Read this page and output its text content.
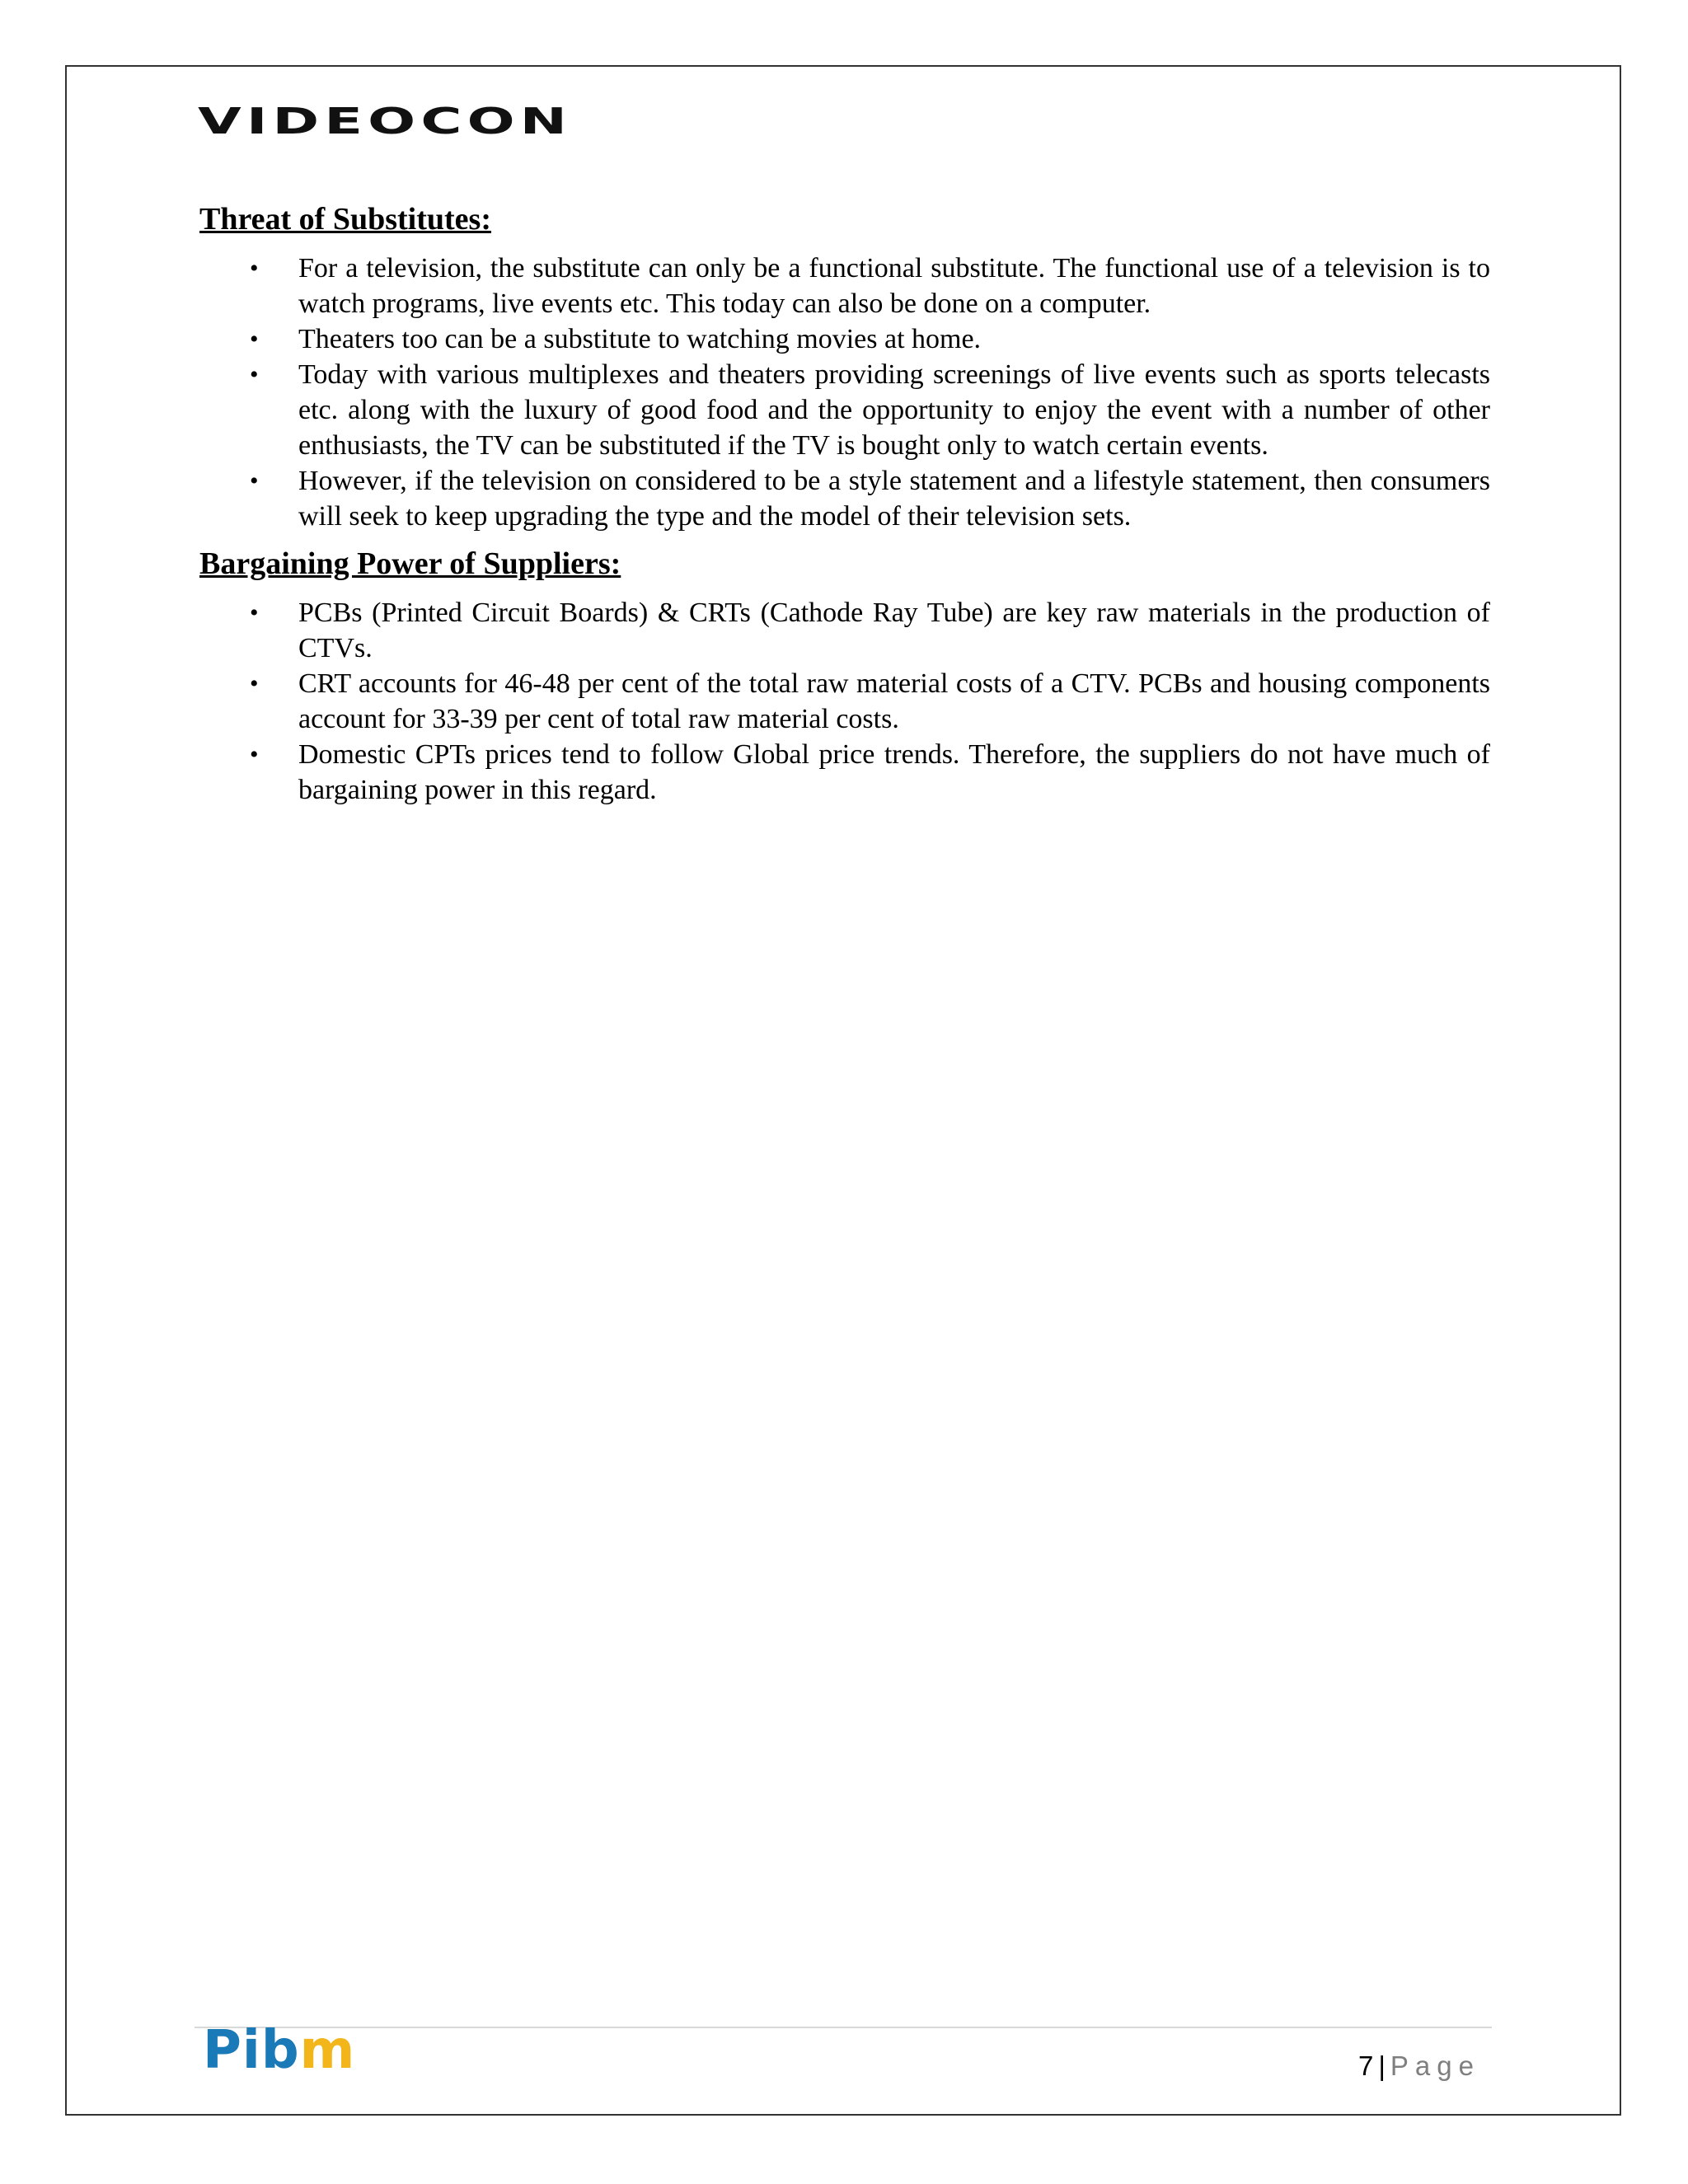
VIDEOCON
Threat of Substitutes:
• For a television, the substitute can only be a functional substitute. The functional use of a television is to watch programs, live events etc. This today can also be done on a computer.
• Theaters too can be a substitute to watching movies at home.
• Today with various multiplexes and theaters providing screenings of live events such as sports telecasts etc. along with the luxury of good food and the opportunity to enjoy the event with a number of other enthusiasts, the TV can be substituted if the TV is bought only to watch certain events.
• However, if the television on considered to be a style statement and a lifestyle statement, then consumers will seek to keep upgrading the type and the model of their television sets.
Bargaining Power of Suppliers:
• PCBs (Printed Circuit Boards) & CRTs (Cathode Ray Tube) are key raw materials in the production of CTVs.
• CRT accounts for 46-48 per cent of the total raw material costs of a CTV. PCBs and housing components account for 33-39 per cent of total raw material costs.
• Domestic CPTs prices tend to follow Global price trends. Therefore, the suppliers do not have much of bargaining power in this regard.
Pibm	7 | Page
